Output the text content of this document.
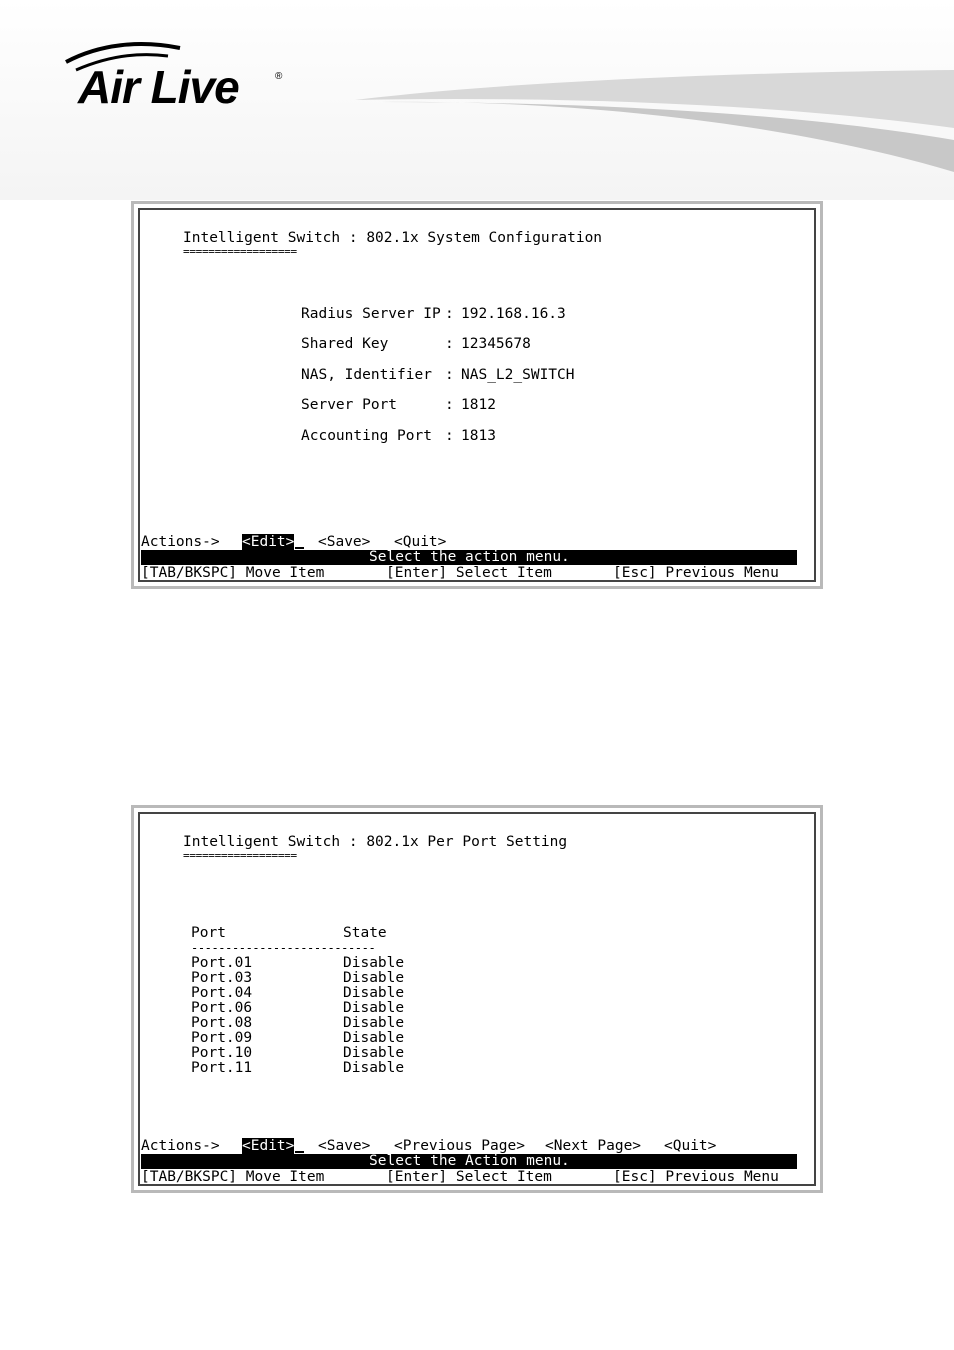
Air Live	®
Intelligent Switch : 802.1x System Configuration
==================
Radius Server IP : 192.168.16.3
Shared Key	: 12345678
NAS, Identifier : NAS_L2_SWITCH
Server Port	: 1812
Accounting Port : 1813
Actions-> <Edit> <Save> <Quit>
Select the action menu.
[TAB/BKSPC] Move Item	[Enter] Select Item	[Esc] Previous Menu
Intelligent Switch : 802.1x Per Port Setting
==================
Port	State
---------------------------
Port.01	Disable
Port.03	Disable
Port.04	Disable
Port.06	Disable
Port.08	Disable
Port.09	Disable
Port.10	Disable
Port.11	Disable
Actions-> <Edit> <Save> <Previous Page> <Next Page> <Quit>
Select the Action menu.
[TAB/BKSPC] Move Item	[Enter] Select Item	[Esc] Previous Menu
